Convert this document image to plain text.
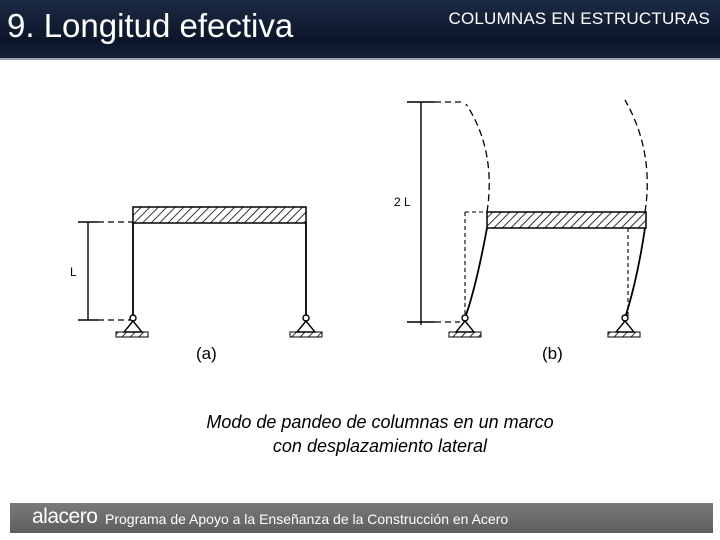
9. Longitud efectiva	COLUMNAS EN ESTRUCTURAS
L
2 L
(a)	(b)
Modo de pandeo de columnas en un marco
con desplazamiento lateral
alacero Programa de Apoyo a la Enseñanza de la Construcción en Acero
